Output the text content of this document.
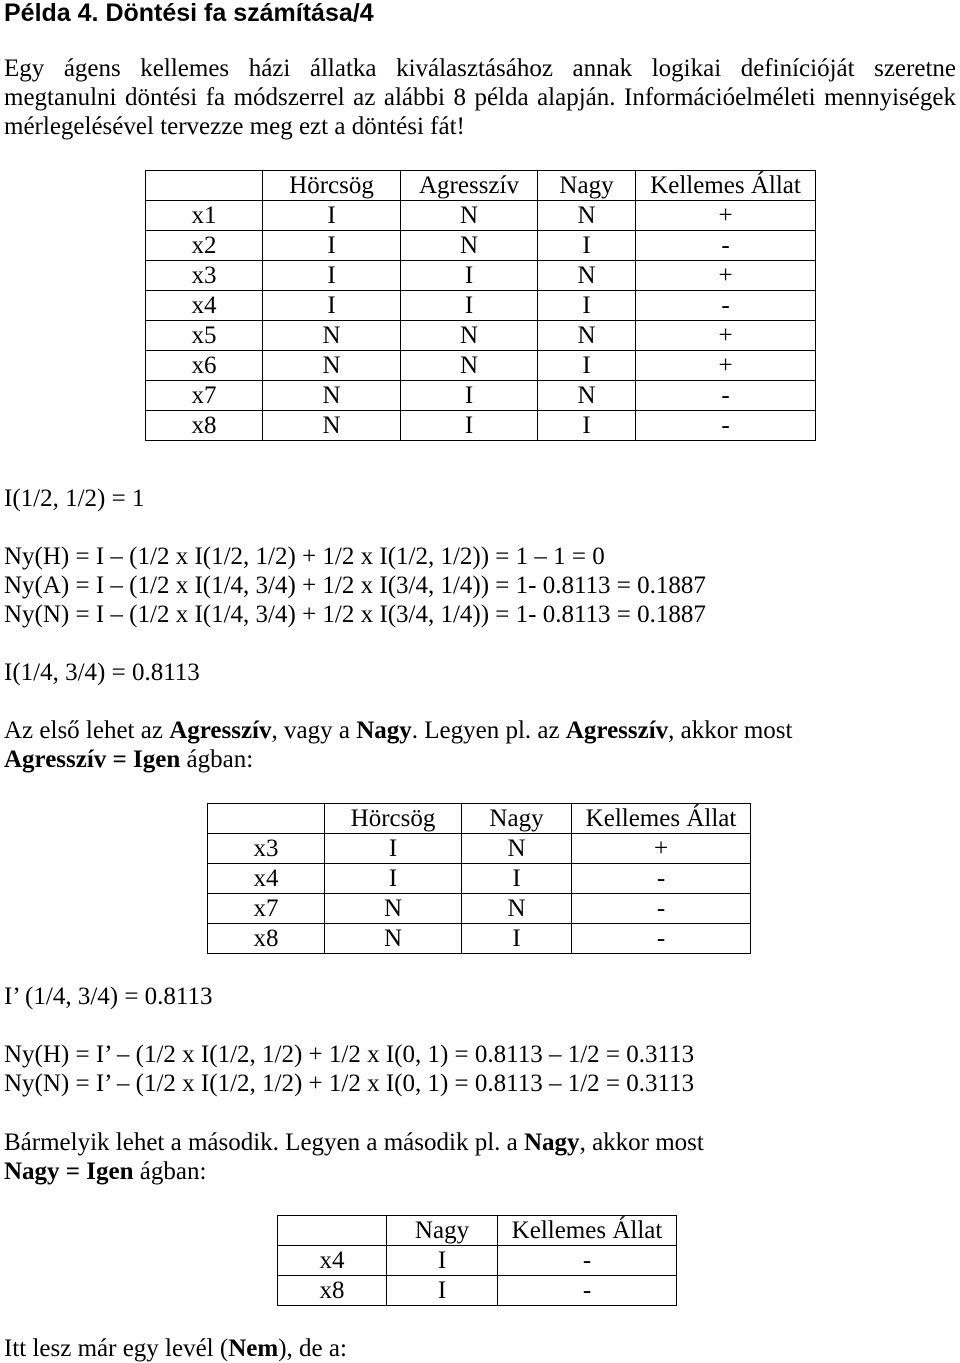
Példa 4. Döntési fa számítása/4
Egy ágens kellemes házi állatka kiválasztásához annak logikai definícióját szeretne
megtanulni döntési fa módszerrel az alábbi 8 példa alapján. Információelméleti mennyiségek
mérlegelésével tervezze meg ezt a döntési fát!
	Hörcsög	Agresszív	Nagy	Kellemes Állat
x1	I	N	N	+
x2	I	N	I	-
x3	I	I	N	+
x4	I	I	I	-
x5	N	N	N	+
x6	N	N	I	+
x7	N	I	N	-
x8	N	I	I	-
I(1/2, 1/2) = 1
Ny(H) = I – (1/2 x I(1/2, 1/2) + 1/2 x I(1/2, 1/2)) = 1 – 1 = 0
Ny(A) = I – (1/2 x I(1/4, 3/4) + 1/2 x I(3/4, 1/4)) = 1- 0.8113 = 0.1887
Ny(N) = I – (1/2 x I(1/4, 3/4) + 1/2 x I(3/4, 1/4)) = 1- 0.8113 = 0.1887
I(1/4, 3/4) = 0.8113
Az első lehet az Agresszív, vagy a Nagy. Legyen pl. az Agresszív, akkor most
Agresszív = Igen ágban:
	Hörcsög	Nagy	Kellemes Állat
x3	I	N	+
x4	I	I	-
x7	N	N	-
x8	N	I	-
I’ (1/4, 3/4) = 0.8113
Ny(H) = I’ – (1/2 x I(1/2, 1/2) + 1/2 x I(0, 1) = 0.8113 – 1/2 = 0.3113
Ny(N) = I’ – (1/2 x I(1/2, 1/2) + 1/2 x I(0, 1) = 0.8113 – 1/2 = 0.3113
Bármelyik lehet a második. Legyen a második pl. a Nagy, akkor most
Nagy = Igen ágban:
	Nagy	Kellemes Állat
x4	I	-
x8	I	-
Itt lesz már egy levél (Nem), de a:
